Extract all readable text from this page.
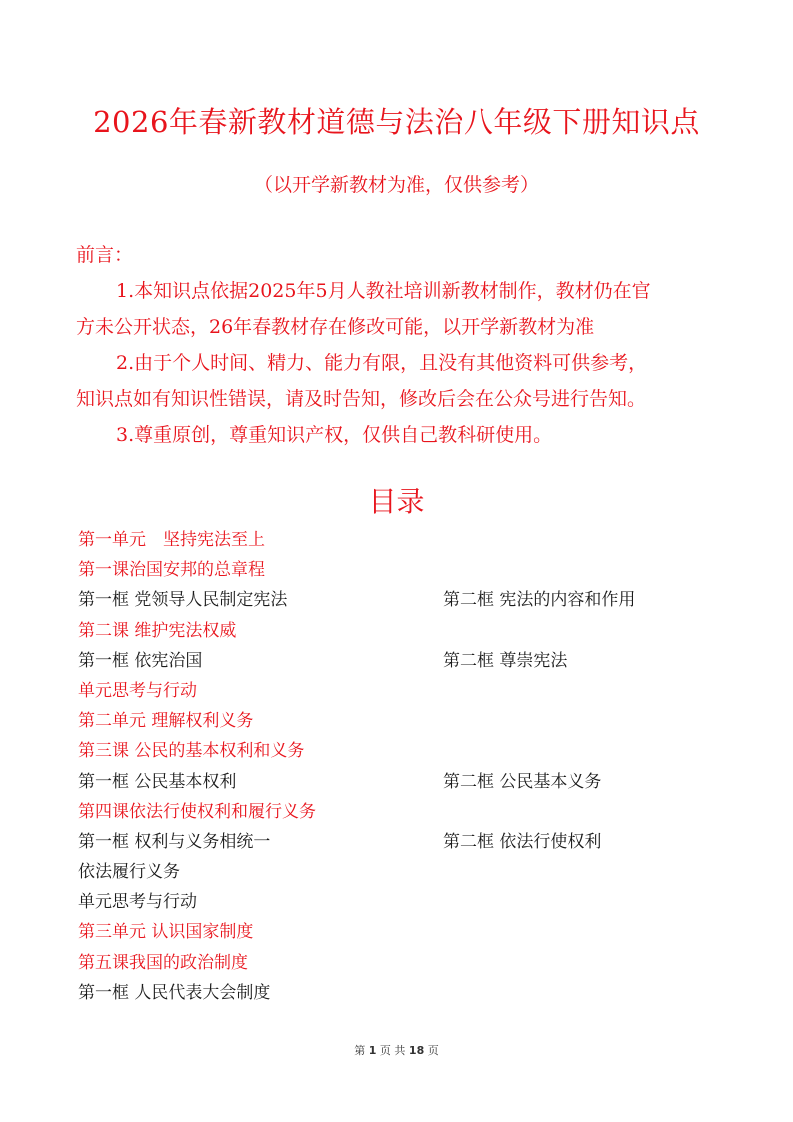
2026年春新教材道德与法治八年级下册知识点
（以开学新教材为准，仅供参考）

前言：

1.本知识点依据2025年5月人教社培训新教材制作，教材仍在官

方未公开状态，26年春教材存在修改可能，以开学新教材为准

2.由于个人时间、精力、能力有限，且没有其他资料可供参考，

知识点如有知识性错误，请及时告知，修改后会在公众号进行告知。

3.尊重原创，尊重知识产权，仅供自己教科研使用。

目录
第一单元　坚持宪法至上
第一课治国安邦的总章程
第一框 党领导人民制定宪法	第二框 宪法的内容和作用
第二课 维护宪法权威
第一框 依宪治国	第二框 尊崇宪法
单元思考与行动
第二单元 理解权利义务
第三课 公民的基本权利和义务
第一框 公民基本权利	第二框 公民基本义务
第四课依法行使权利和履行义务
第一框 权利与义务相统一	第二框 依法行使权利
依法履行义务
单元思考与行动
第三单元 认识国家制度
第五课我国的政治制度
第一框 人民代表大会制度
第 1 页 共 18 页
